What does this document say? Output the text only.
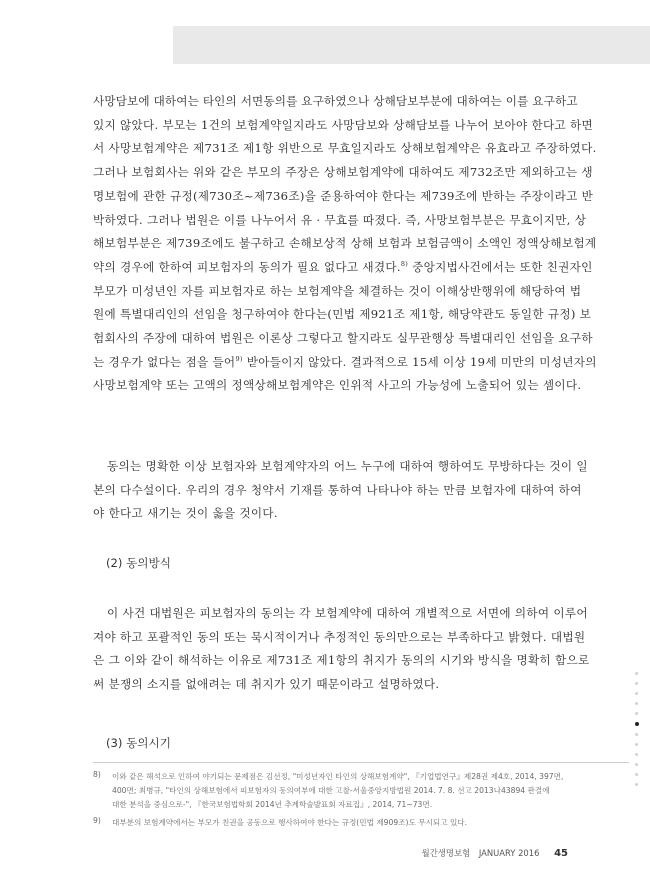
사망담보에 대하여는 타인의 서면동의를 요구하였으나 상해담보부분에 대하여는 이를 요구하고
있지 않았다. 부모는 1건의 보험계약일지라도 사망담보와 상해담보를 나누어 보아야 한다고 하면
서 사망보험계약은 제731조 제1항 위반으로 무효일지라도 상해보험계약은 유효라고 주장하였다.
그러나 보험회사는 위와 같은 부모의 주장은 상해보험계약에 대하여도 제732조만 제외하고는 생
명보험에 관한 규정(제730조~제736조)을 준용하여야 한다는 제739조에 반하는 주장이라고 반
박하였다. 그러나 법원은 이를 나누어서 유 · 무효를 따졌다. 즉, 사망보험부분은 무효이지만, 상
해보험부분은 제739조에도 불구하고 손해보상적 상해 보험과 보험금액이 소액인 정액상해보험계
약의 경우에 한하여 피보험자의 동의가 필요 없다고 새겼다.$^{8)}$ 중앙지법사건에서는 또한 친권자인
부모가 미성년인 자를 피보험자로 하는 보험계약을 체결하는 것이 이해상반행위에 해당하여 법
원에 특별대리인의 선임을 청구하여야 한다는(민법 제921조 제1항, 해당약관도 동일한 규정) 보
험회사의 주장에 대하여 법원은 이론상 그렇다고 할지라도 실무관행상 특별대리인 선임을 요구하
는 경우가 없다는 점을 들어$^{9)}$ 받아들이지 않았다. 결과적으로 15세 이상 19세 미만의 미성년자의
사망보험계약 또는 고액의 정액상해보험계약은 인위적 사고의 가능성에 노출되어 있는 셈이다.
동의는 명확한 이상 보험자와 보험계약자의 어느 누구에 대하여 행하여도 무방하다는 것이 일
본의 다수설이다. 우리의 경우 청약서 기재를 통하여 나타나야 하는 만큼 보험자에 대하여 하여
야 한다고 새기는 것이 옳을 것이다.
(2) 동의방식
이 사건 대법원은 피보험자의 동의는 각 보험계약에 대하여 개별적으로 서면에 의하여 이루어
져야 하고 포괄적인 동의 또는 묵시적이거나 추정적인 동의만으로는 부족하다고 밝혔다. 대법원
은 그 이와 같이 해석하는 이유로 제731조 제1항의 취지가 동의의 시기와 방식을 명확히 함으로
써 분쟁의 소지를 없애려는 데 취지가 있기 때문이라고 설명하였다.
(3) 동의시기
8) 이와 같은 해석으로 인하여 야기되는 문제점은 김선정, "미성년자인 타인의 상해보험계약", 『기업법연구』제28권 제4호, 2014, 397면,
400면; 최병규, "타인의 상해보험에서 피보험자의 동의여부에 대한 고찰-서울중앙지방법원 2014. 7. 8. 선고 2013나43894 판결에
대한 분석을 중심으로-", 『한국보험법학회 2014년 추계학술발표회 자료집』, 2014, 71~73면.
9) 대부분의 보험계약에서는 부모가 친권을 공동으로 행사하여야 한다는 규정(민법 제909조)도 무시되고 있다.
월간생명보험 JANUARY 2016 45
